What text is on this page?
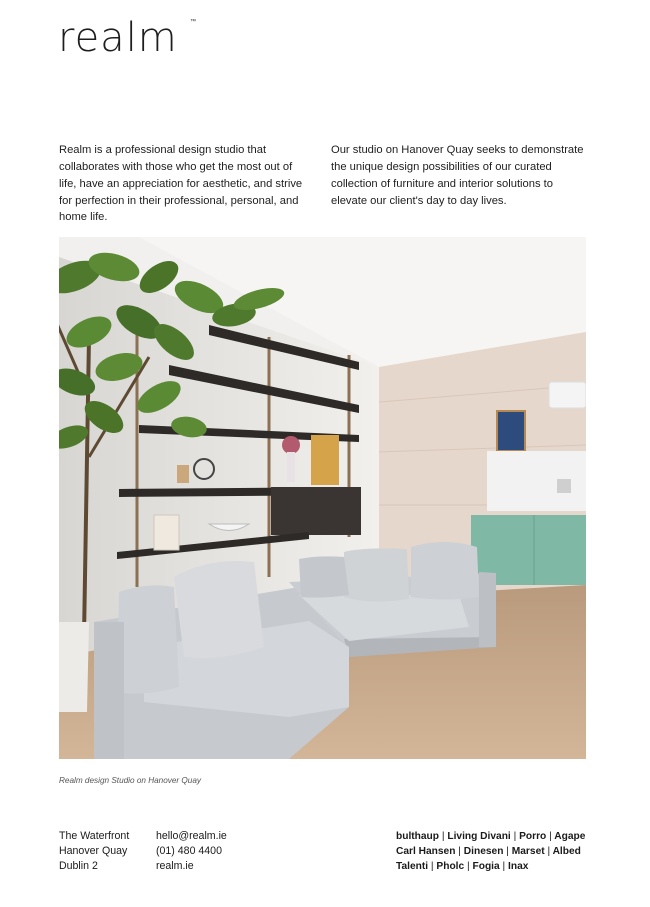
realm ™

Realm is a professional design studio that collaborates with those who get the most out of life, have an appreciation for aesthetic, and strive for perfection in their professional, personal, and home life.

Our studio on Hanover Quay seeks to demonstrate the unique design possibilities of our curated collection of furniture and interior solutions to elevate our client's day to day lives.

Realm design Studio on Hanover Quay
The Waterfront
Hanover Quay
Dublin 2
hello@realm.ie
(01) 480 4400
realm.ie
bulthaup | Living Divani | Porro | Agape
Carl Hansen | Dinesen | Marset | Albed
Talenti | Pholc | Fogia | Inax
